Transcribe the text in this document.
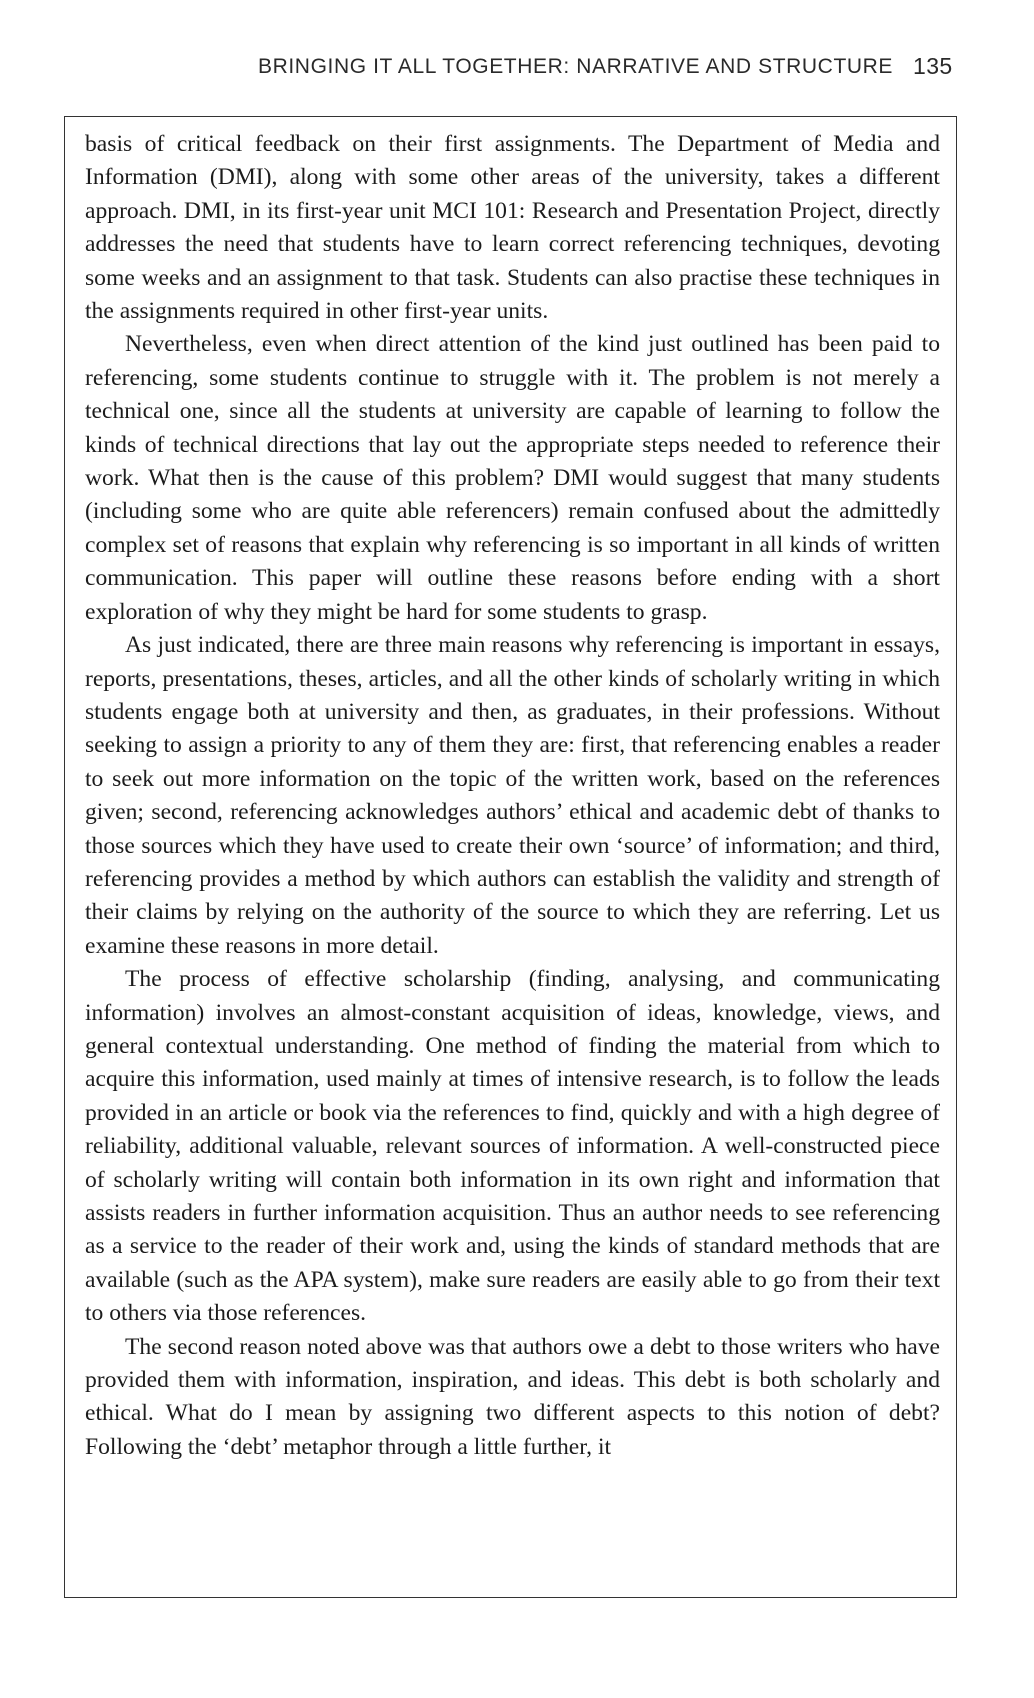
BRINGING IT ALL TOGETHER: NARRATIVE AND STRUCTURE 135

basis of critical feedback on their first assignments. The Department of Media and Information (DMI), along with some other areas of the university, takes a different approach. DMI, in its first-year unit MCI 101: Research and Presentation Project, directly addresses the need that students have to learn correct referencing techniques, devoting some weeks and an assignment to that task. Students can also practise these techniques in the assignments required in other first-year units.

Nevertheless, even when direct attention of the kind just outlined has been paid to referencing, some students continue to struggle with it. The problem is not merely a technical one, since all the students at university are capable of learning to follow the kinds of technical directions that lay out the appropriate steps needed to reference their work. What then is the cause of this problem? DMI would suggest that many students (including some who are quite able referencers) remain confused about the admittedly complex set of reasons that explain why referencing is so important in all kinds of written communication. This paper will outline these reasons before ending with a short exploration of why they might be hard for some students to grasp.

As just indicated, there are three main reasons why referencing is important in essays, reports, presentations, theses, articles, and all the other kinds of scholarly writing in which students engage both at university and then, as graduates, in their professions. Without seeking to assign a priority to any of them they are: first, that referencing enables a reader to seek out more information on the topic of the written work, based on the references given; second, referencing acknowledges authors’ ethical and academic debt of thanks to those sources which they have used to create their own ‘source’ of information; and third, referencing provides a method by which authors can establish the validity and strength of their claims by relying on the authority of the source to which they are referring. Let us examine these reasons in more detail.

The process of effective scholarship (finding, analysing, and communicating information) involves an almost-constant acquisition of ideas, knowledge, views, and general contextual understanding. One method of finding the material from which to acquire this information, used mainly at times of intensive research, is to follow the leads provided in an article or book via the references to find, quickly and with a high degree of reliability, additional valuable, relevant sources of information. A well-constructed piece of scholarly writing will contain both information in its own right and information that assists readers in further information acquisition. Thus an author needs to see referencing as a service to the reader of their work and, using the kinds of standard methods that are available (such as the APA system), make sure readers are easily able to go from their text to others via those references.

The second reason noted above was that authors owe a debt to those writers who have provided them with information, inspiration, and ideas. This debt is both scholarly and ethical. What do I mean by assigning two different aspects to this notion of debt? Following the ‘debt’ metaphor through a little further, it
